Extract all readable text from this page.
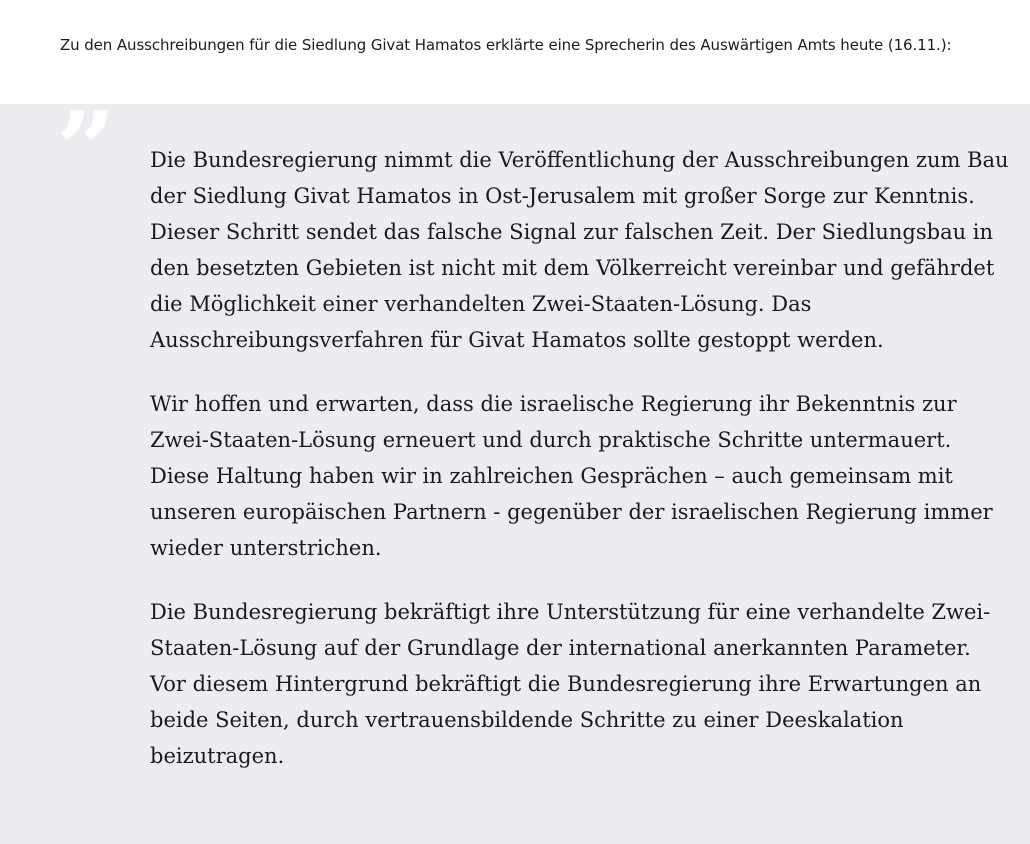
Zu den Ausschreibungen für die Siedlung Givat Hamatos erklärte eine Sprecherin des Auswärtigen Amts heute (16.11.):

” Die Bundesregierung nimmt die Veröffentlichung der Ausschreibungen zum Bau der Siedlung Givat Hamatos in Ost-Jerusalem mit großer Sorge zur Kenntnis. Dieser Schritt sendet das falsche Signal zur falschen Zeit. Der Siedlungsbau in den besetzten Gebieten ist nicht mit dem Völkerreicht vereinbar und gefährdet die Möglichkeit einer verhandelten Zwei-Staaten-Lösung. Das Ausschreibungsverfahren für Givat Hamatos sollte gestoppt werden.

Wir hoffen und erwarten, dass die israelische Regierung ihr Bekenntnis zur Zwei-Staaten-Lösung erneuert und durch praktische Schritte untermauert. Diese Haltung haben wir in zahlreichen Gesprächen – auch gemeinsam mit unseren europäischen Partnern - gegenüber der israelischen Regierung immer wieder unterstrichen.

Die Bundesregierung bekräftigt ihre Unterstützung für eine verhandelte Zwei-Staaten-Lösung auf der Grundlage der international anerkannten Parameter. Vor diesem Hintergrund bekräftigt die Bundesregierung ihre Erwartungen an beide Seiten, durch vertrauensbildende Schritte zu einer Deeskalation beizutragen.
